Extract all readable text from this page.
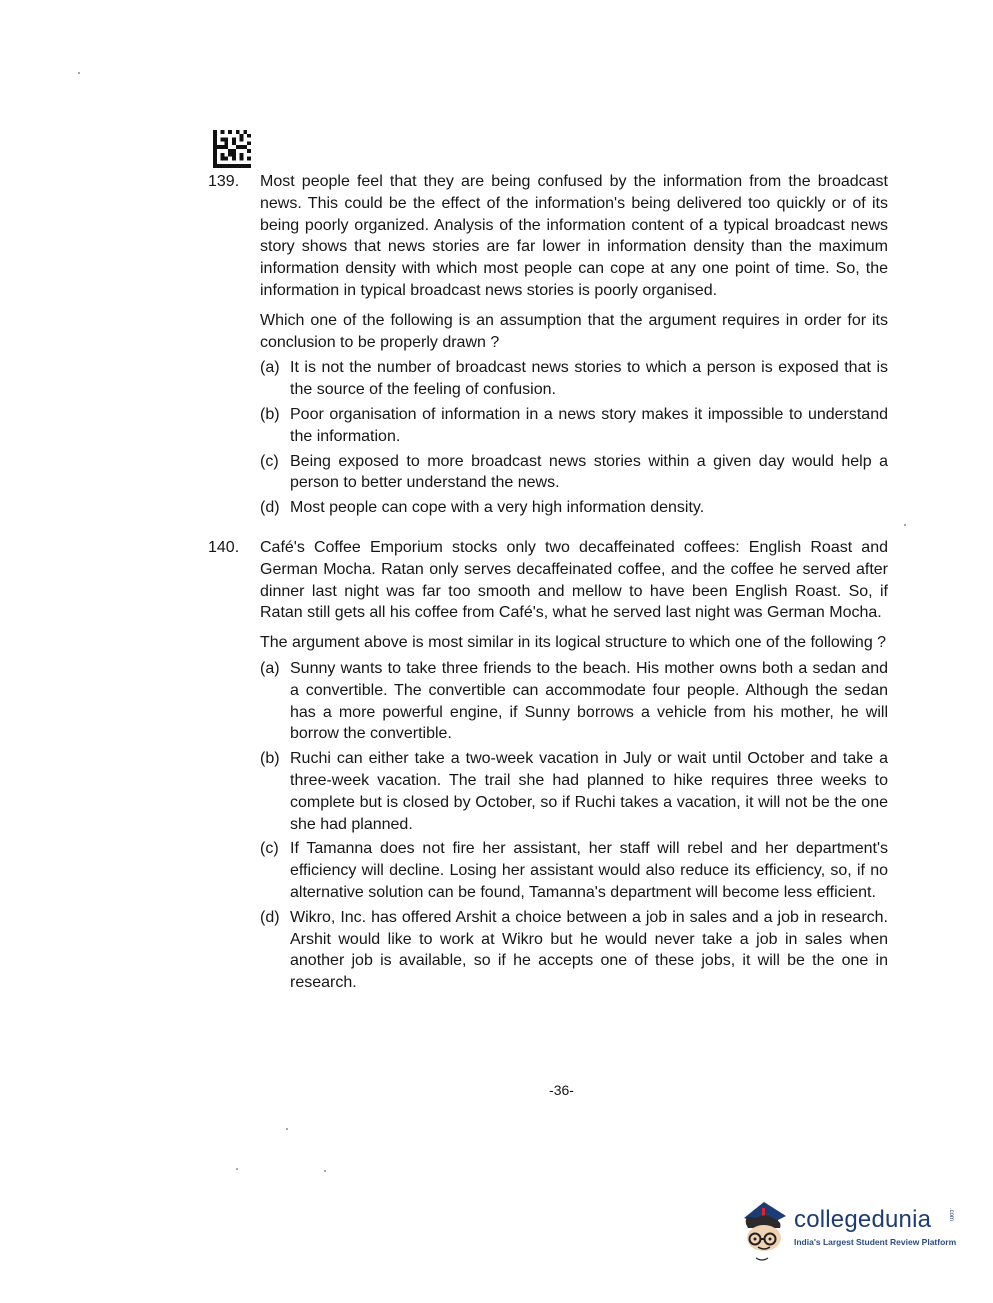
139. Most people feel that they are being confused by the information from the broadcast news. This could be the effect of the information's being delivered too quickly or of its being poorly organized. Analysis of the information content of a typical broadcast news story shows that news stories are far lower in information density than the maximum information density with which most people can cope at any one point of time. So, the information in typical broadcast news stories is poorly organised.

Which one of the following is an assumption that the argument requires in order for its conclusion to be properly drawn ?

(a) It is not the number of broadcast news stories to which a person is exposed that is the source of the feeling of confusion.
(b) Poor organisation of information in a news story makes it impossible to understand the information.
(c) Being exposed to more broadcast news stories within a given day would help a person to better understand the news.
(d) Most people can cope with a very high information density.
140. Café's Coffee Emporium stocks only two decaffeinated coffees: English Roast and German Mocha. Ratan only serves decaffeinated coffee, and the coffee he served after dinner last night was far too smooth and mellow to have been English Roast. So, if Ratan still gets all his coffee from Café's, what he served last night was German Mocha.

The argument above is most similar in its logical structure to which one of the following ?

(a) Sunny wants to take three friends to the beach. His mother owns both a sedan and a convertible. The convertible can accommodate four people. Although the sedan has a more powerful engine, if Sunny borrows a vehicle from his mother, he will borrow the convertible.
(b) Ruchi can either take a two-week vacation in July or wait until October and take a three-week vacation. The trail she had planned to hike requires three weeks to complete but is closed by October, so if Ruchi takes a vacation, it will not be the one she had planned.
(c) If Tamanna does not fire her assistant, her staff will rebel and her department's efficiency will decline. Losing her assistant would also reduce its efficiency, so, if no alternative solution can be found, Tamanna's department will become less efficient.
(d) Wikro, Inc. has offered Arshit a choice between a job in sales and a job in research. Arshit would like to work at Wikro but he would never take a job in sales when another job is available, so if he accepts one of these jobs, it will be the one in research.
-36-
collegedunia	.com
India's Largest Student Review Platform
